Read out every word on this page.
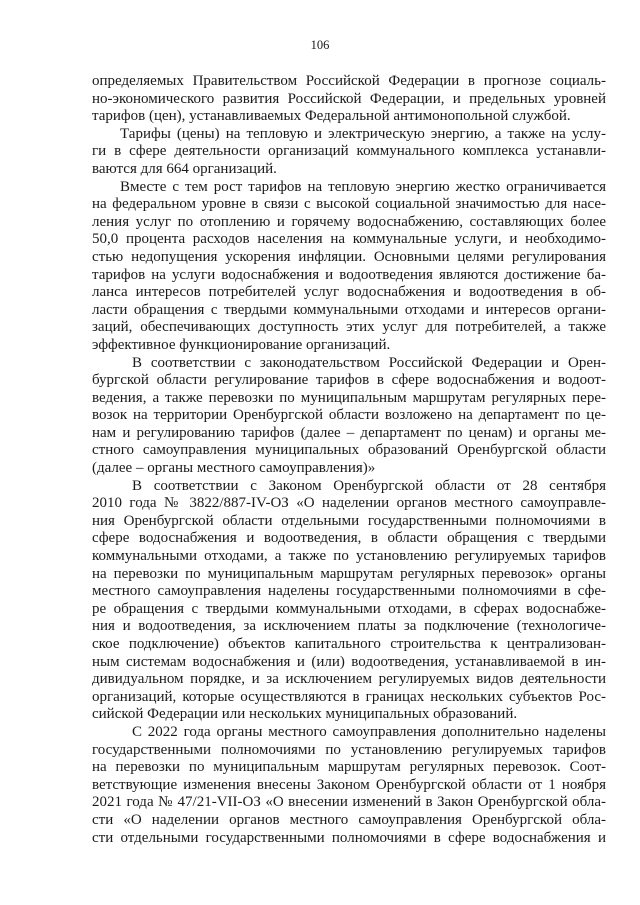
106
определяемых Правительством Российской Федерации в прогнозе социаль-
но-экономического развития Российской Федерации, и предельных уровней
тарифов (цен), устанавливаемых Федеральной антимонопольной службой.
Тарифы (цены) на тепловую и электрическую энергию, а также на услу-
ги в сфере деятельности организаций коммунального комплекса устанавли-
ваются для 664 организаций.
Вместе с тем рост тарифов на тепловую энергию жестко ограничивается
на федеральном уровне в связи с высокой социальной значимостью для насе-
ления услуг по отоплению и горячему водоснабжению, составляющих более
50,0 процента расходов населения на коммунальные услуги, и необходимо-
стью недопущения ускорения инфляции. Основными целями регулирования
тарифов на услуги водоснабжения и водоотведения являются достижение ба-
ланса интересов потребителей услуг водоснабжения и водоотведения в об-
ласти обращения с твердыми коммунальными отходами и интересов органи-
заций, обеспечивающих доступность этих услуг для потребителей, а также
эффективное функционирование организаций.
В соответствии с законодательством Российской Федерации и Орен-
бургской области регулирование тарифов в сфере водоснабжения и водоот-
ведения, а также перевозки по муниципальным маршрутам регулярных пере-
возок на территории Оренбургской области возложено на департамент по це-
нам и регулированию тарифов (далее – департамент по ценам) и органы ме-
стного самоуправления муниципальных образований Оренбургской области
(далее – органы местного самоуправления)»
В соответствии с Законом Оренбургской области от 28 сентября
2010 года № 3822/887-IV-ОЗ «О наделении органов местного самоуправле-
ния Оренбургской области отдельными государственными полномочиями в
сфере водоснабжения и водоотведения, в области обращения с твердыми
коммунальными отходами, а также по установлению регулируемых тарифов
на перевозки по муниципальным маршрутам регулярных перевозок» органы
местного самоуправления наделены государственными полномочиями в сфе-
ре обращения с твердыми коммунальными отходами, в сферах водоснабже-
ния и водоотведения, за исключением платы за подключение (технологиче-
ское подключение) объектов капитального строительства к централизован-
ным системам водоснабжения и (или) водоотведения, устанавливаемой в ин-
дивидуальном порядке, и за исключением регулируемых видов деятельности
организаций, которые осуществляются в границах нескольких субъектов Рос-
сийской Федерации или нескольких муниципальных образований.
С 2022 года органы местного самоуправления дополнительно наделены
государственными полномочиями по установлению регулируемых тарифов
на перевозки по муниципальным маршрутам регулярных перевозок. Соот-
ветствующие изменения внесены Законом Оренбургской области от 1 ноября
2021 года № 47/21-VII-ОЗ «О внесении изменений в Закон Оренбургской обла-
сти «О наделении органов местного самоуправления Оренбургской обла-
сти отдельными государственными полномочиями в сфере водоснабжения и
